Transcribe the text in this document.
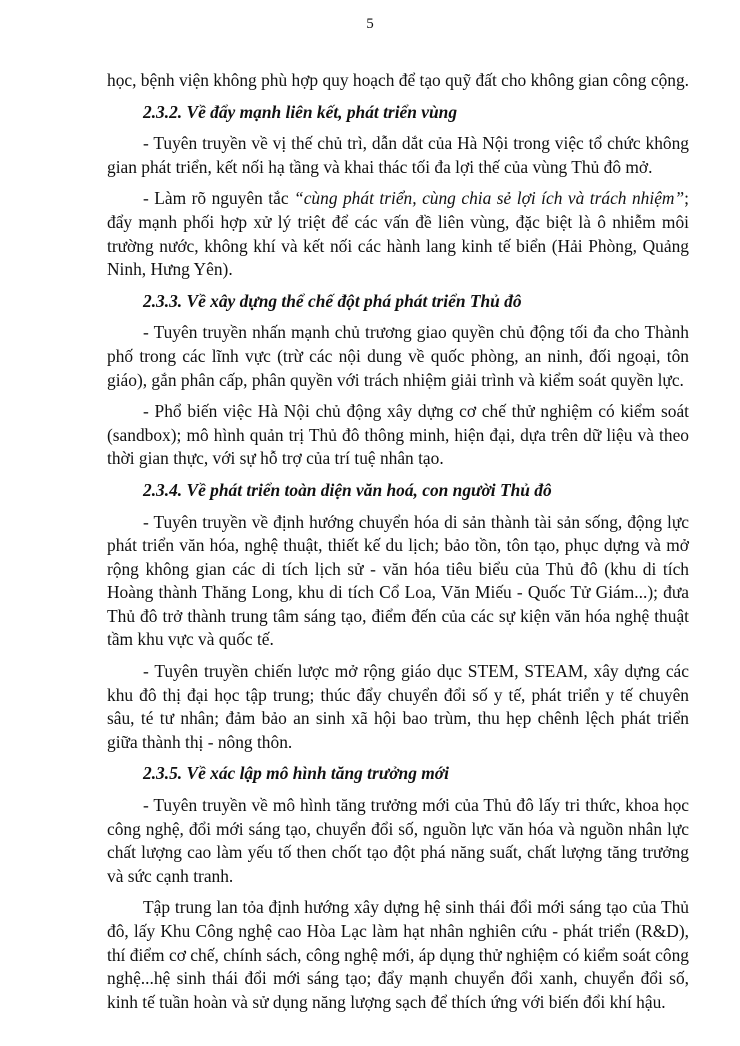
5

học, bệnh viện không phù hợp quy hoạch để tạo quỹ đất cho không gian công cộng.

2.3.2. Về đẩy mạnh liên kết, phát triển vùng

- Tuyên truyền về vị thế chủ trì, dẫn dắt của Hà Nội trong việc tổ chức không gian phát triển, kết nối hạ tầng và khai thác tối đa lợi thế của vùng Thủ đô mở.

- Làm rõ nguyên tắc “cùng phát triển, cùng chia sẻ lợi ích và trách nhiệm”; đẩy mạnh phối hợp xử lý triệt để các vấn đề liên vùng, đặc biệt là ô nhiễm môi trường nước, không khí và kết nối các hành lang kinh tế biển (Hải Phòng, Quảng Ninh, Hưng Yên).

2.3.3. Về xây dựng thể chế đột phá phát triển Thủ đô

- Tuyên truyền nhấn mạnh chủ trương giao quyền chủ động tối đa cho Thành phố trong các lĩnh vực (trừ các nội dung về quốc phòng, an ninh, đối ngoại, tôn giáo), gắn phân cấp, phân quyền với trách nhiệm giải trình và kiểm soát quyền lực.

- Phổ biến việc Hà Nội chủ động xây dựng cơ chế thử nghiệm có kiểm soát (sandbox); mô hình quản trị Thủ đô thông minh, hiện đại, dựa trên dữ liệu và theo thời gian thực, với sự hỗ trợ của trí tuệ nhân tạo.

2.3.4. Về phát triển toàn diện văn hoá, con người Thủ đô

- Tuyên truyền về định hướng chuyển hóa di sản thành tài sản sống, động lực phát triển văn hóa, nghệ thuật, thiết kế du lịch; bảo tồn, tôn tạo, phục dựng và mở rộng không gian các di tích lịch sử - văn hóa tiêu biểu của Thủ đô (khu di tích Hoàng thành Thăng Long, khu di tích Cổ Loa, Văn Miếu - Quốc Tử Giám...); đưa Thủ đô trở thành trung tâm sáng tạo, điểm đến của các sự kiện văn hóa nghệ thuật tầm khu vực và quốc tế.

- Tuyên truyền chiến lược mở rộng giáo dục STEM, STEAM, xây dựng các khu đô thị đại học tập trung; thúc đẩy chuyển đổi số y tế, phát triển y tế chuyên sâu, té tư nhân; đảm bảo an sinh xã hội bao trùm, thu hẹp chênh lệch phát triển giữa thành thị - nông thôn.

2.3.5. Về xác lập mô hình tăng trưởng mới

- Tuyên truyền về mô hình tăng trưởng mới của Thủ đô lấy tri thức, khoa học công nghệ, đổi mới sáng tạo, chuyển đổi số, nguồn lực văn hóa và nguồn nhân lực chất lượng cao làm yếu tố then chốt tạo đột phá năng suất, chất lượng tăng trưởng và sức cạnh tranh.

Tập trung lan tỏa định hướng xây dựng hệ sinh thái đổi mới sáng tạo của Thủ đô, lấy Khu Công nghệ cao Hòa Lạc làm hạt nhân nghiên cứu - phát triển (R&D), thí điểm cơ chế, chính sách, công nghệ mới, áp dụng thử nghiệm có kiểm soát công nghệ...hệ sinh thái đổi mới sáng tạo; đẩy mạnh chuyển đổi xanh, chuyển đổi số, kinh tế tuần hoàn và sử dụng năng lượng sạch để thích ứng với biến đổi khí hậu.
